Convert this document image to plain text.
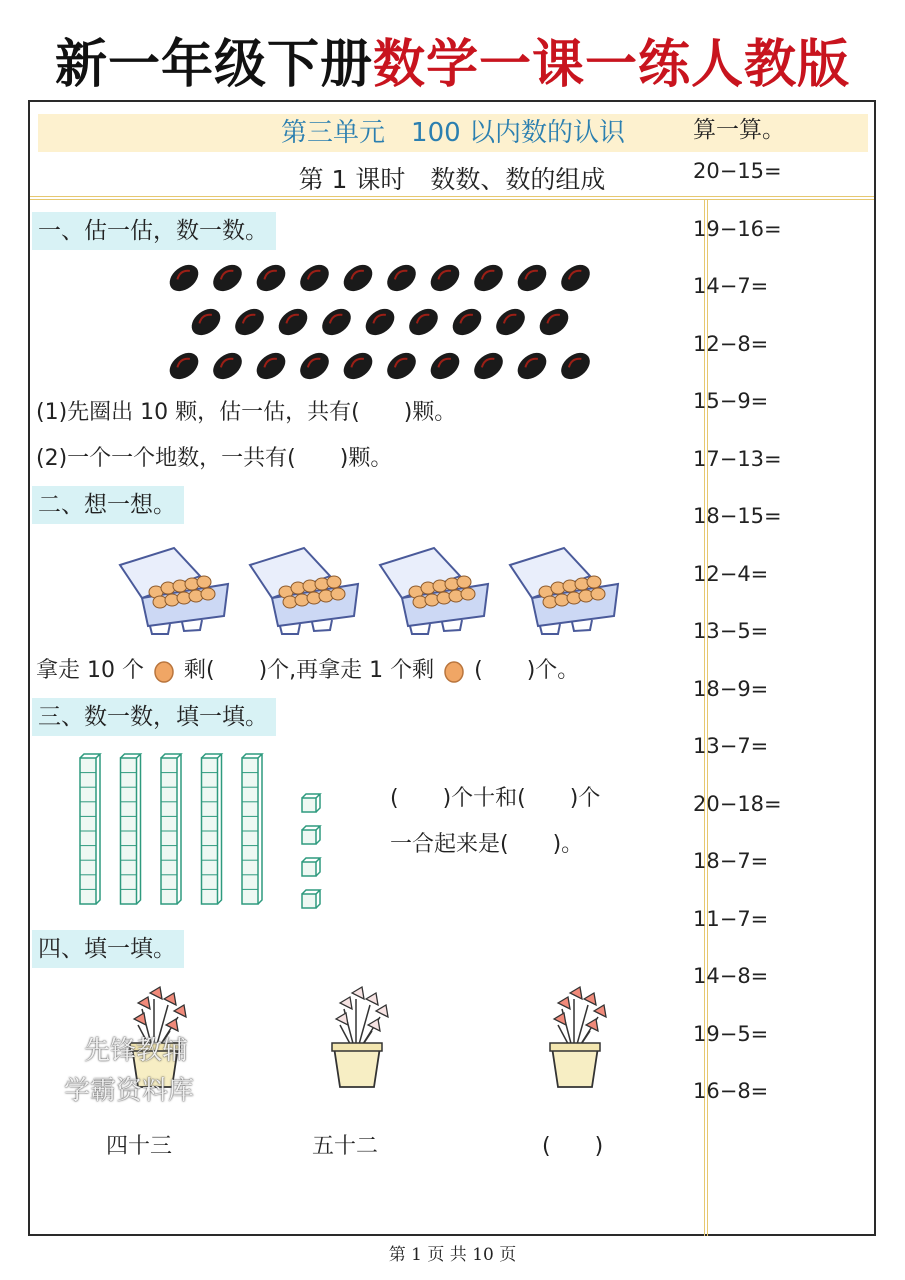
新一年级下册数学一课一练人教版
第三单元　100 以内数的认识
第 1 课时　数数、数的组成
一、估一估，数一数。
(1)先圈出 10 颗，估一估，共有(　　)颗。
(2)一个一个地数，一共有(　　)颗。
二、想一想。
拿走 10 个 剩(　　)个,再拿走 1 个剩 (　　)个。
三、数一数，填一填。
(　　)个十和(　　)个
一合起来是(　　)。
四、填一填。
先锋教辅
学霸资料库
四十三	五十二	(　　)
算一算。
20−15=
19−16=
14−7=
12−8=
15−9=
17−13=
18−15=
12−4=
13−5=
18−9=
13−7=
20−18=
18−7=
11−7=
14−8=
19−5=
16−8=
第 1 页 共 10 页
